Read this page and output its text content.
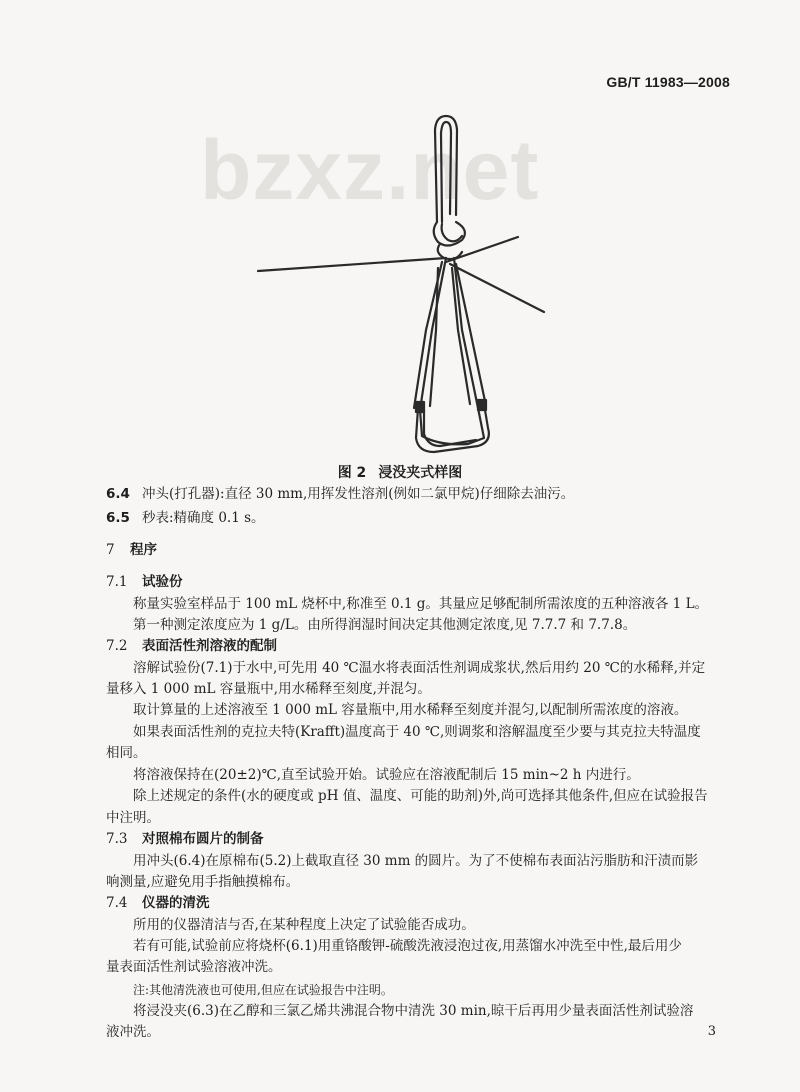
GB/T 11983—2008
bzxz.net
图 2 浸没夹式样图
6.4 冲头(打孔器):直径 30 mm,用挥发性溶剂(例如二氯甲烷)仔细除去油污。
6.5 秒表:精确度 0.1 s。
7 程序
7.1 试验份
称量实验室样品于 100 mL 烧杯中,称准至 0.1 g。其量应足够配制所需浓度的五种溶液各 1 L。
第一种测定浓度应为 1 g/L。由所得润湿时间决定其他测定浓度,见 7.7.7 和 7.7.8。
7.2 表面活性剂溶液的配制
溶解试验份(7.1)于水中,可先用 40 ℃温水将表面活性剂调成浆状,然后用约 20 ℃的水稀释,并定
量移入 1 000 mL 容量瓶中,用水稀释至刻度,并混匀。
取计算量的上述溶液至 1 000 mL 容量瓶中,用水稀释至刻度并混匀,以配制所需浓度的溶液。
如果表面活性剂的克拉夫特(Krafft)温度高于 40 ℃,则调浆和溶解温度至少要与其克拉夫特温度
相同。
将溶液保持在(20±2)℃,直至试验开始。试验应在溶液配制后 15 min~2 h 内进行。
除上述规定的条件(水的硬度或 pH 值、温度、可能的助剂)外,尚可选择其他条件,但应在试验报告
中注明。
7.3 对照棉布圆片的制备
用冲头(6.4)在原棉布(5.2)上截取直径 30 mm 的圆片。为了不使棉布表面沾污脂肪和汗渍而影
响测量,应避免用手指触摸棉布。
7.4 仪器的清洗
所用的仪器清洁与否,在某种程度上决定了试验能否成功。
若有可能,试验前应将烧杯(6.1)用重铬酸钾-硫酸洗液浸泡过夜,用蒸馏水冲洗至中性,最后用少
量表面活性剂试验溶液冲洗。
注:其他清洗液也可使用,但应在试验报告中注明。
将浸没夹(6.3)在乙醇和三氯乙烯共沸混合物中清洗 30 min,晾干后再用少量表面活性剂试验溶
液冲洗。	3
